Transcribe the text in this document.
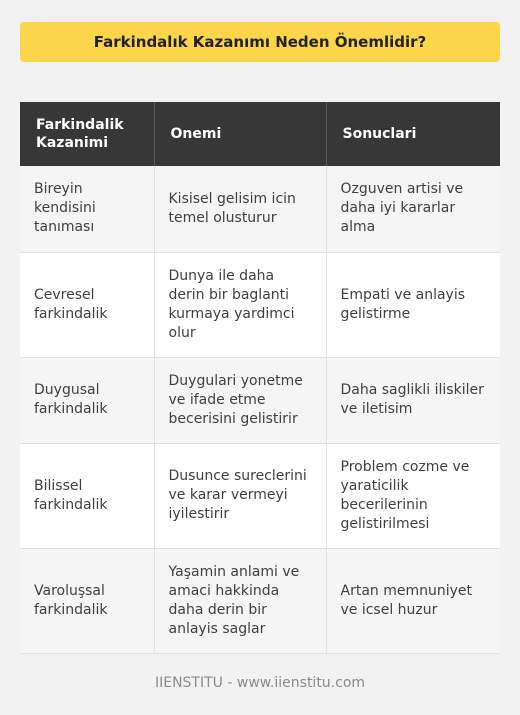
Farkindalık Kazanımı Neden Önemlidir?
Farkindalik Kazanimi	Onemi	Sonuclari
Bireyin kendisini tanıması	Kisisel gelisim icin temel olusturur	Ozguven artisi ve daha iyi kararlar alma
Cevresel farkindalik	Dunya ile daha derin bir baglanti kurmaya yardimci olur	Empati ve anlayis gelistirme
Duygusal farkindalik	Duygulari yonetme ve ifade etme becerisini gelistirir	Daha saglikli iliskiler ve iletisim
Bilissel farkindalik	Dusunce sureclerini ve karar vermeyi iyilestirir	Problem cozme ve yaraticilik becerilerinin gelistirilmesi
Varoluşsal farkindalik	Yaşamin anlami ve amaci hakkinda daha derin bir anlayis saglar	Artan memnuniyet ve icsel huzur
IIENSTITU - www.iienstitu.com
